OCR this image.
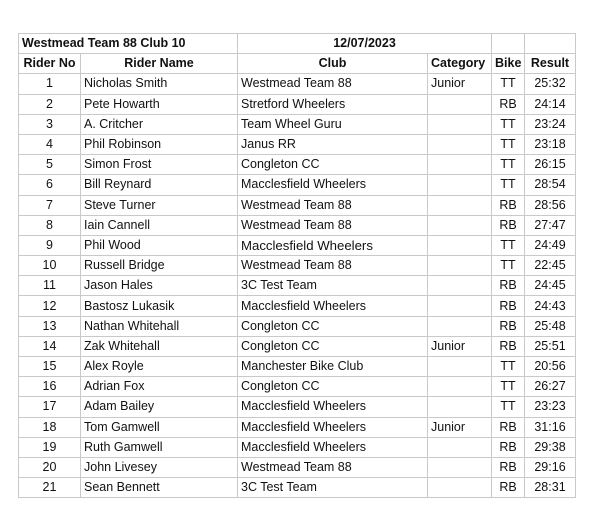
Westmead Team 88 Club 10		12/07/2023			
Rider No	Rider Name	Club	Category	Bike	Result
1	Nicholas Smith	Westmead Team 88	Junior	TT	25:32
2	Pete Howarth	Stretford Wheelers		RB	24:14
3	A. Critcher	Team Wheel Guru		TT	23:24
4	Phil Robinson	Janus RR		TT	23:18
5	Simon Frost	Congleton CC		TT	26:15
6	Bill Reynard	Macclesfield Wheelers		TT	28:54
7	Steve Turner	Westmead Team 88		RB	28:56
8	Iain Cannell	Westmead Team 88		RB	27:47
9	Phil Wood	Macclesfield Wheelers		TT	24:49
10	Russell Bridge	Westmead Team 88		TT	22:45
11	Jason Hales	3C Test Team		RB	24:45
12	Bastosz Lukasik	Macclesfield Wheelers		RB	24:43
13	Nathan Whitehall	Congleton CC		RB	25:48
14	Zak Whitehall	Congleton CC	Junior	RB	25:51
15	Alex Royle	Manchester Bike Club		TT	20:56
16	Adrian Fox	Congleton CC		TT	26:27
17	Adam Bailey	Macclesfield Wheelers		TT	23:23
18	Tom Gamwell	Macclesfield Wheelers	Junior	RB	31:16
19	Ruth Gamwell	Macclesfield Wheelers		RB	29:38
20	John Livesey	Westmead Team 88		RB	29:16
21	Sean Bennett	3C Test Team		RB	28:31
